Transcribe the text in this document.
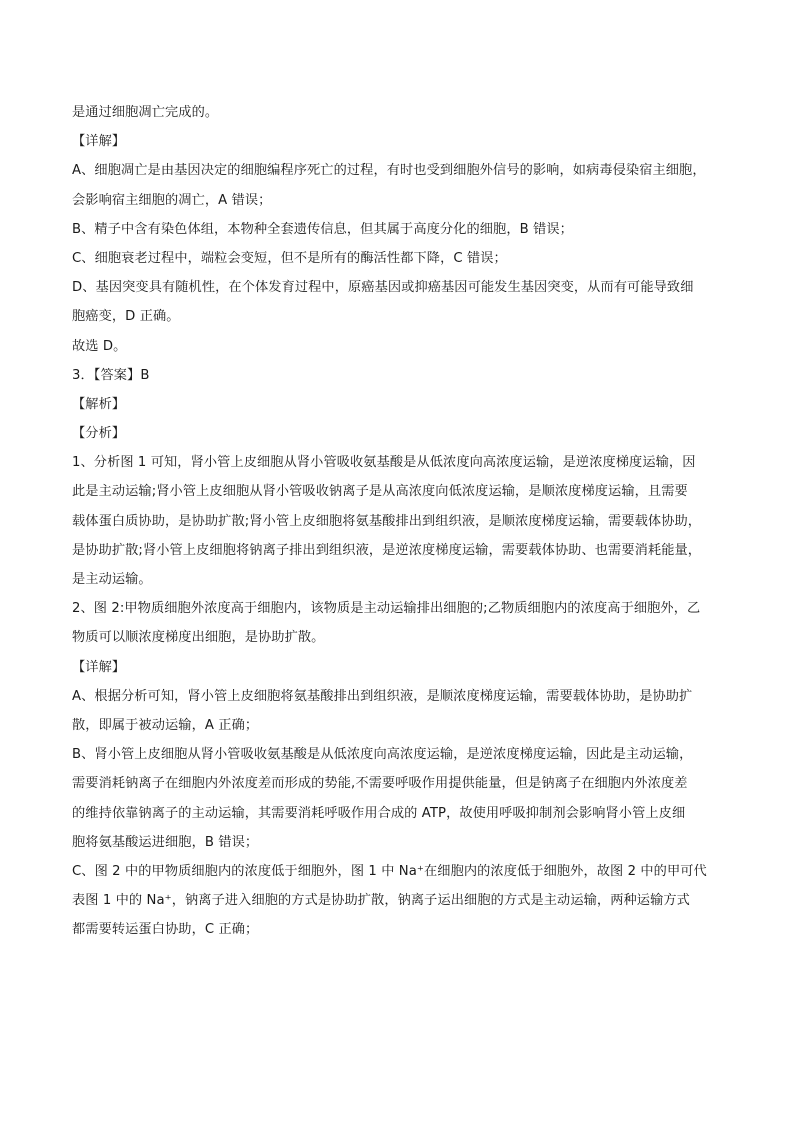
是通过细胞凋亡完成的。
【详解】
A、细胞凋亡是由基因决定的细胞编程序死亡的过程，有时也受到细胞外信号的影响，如病毒侵染宿主细胞，
会影响宿主细胞的凋亡，A 错误；
B、精子中含有染色体组，本物种全套遗传信息，但其属于高度分化的细胞，B 错误；
C、细胞衰老过程中，端粒会变短，但不是所有的酶活性都下降，C 错误；
D、基因突变具有随机性，在个体发育过程中，原癌基因或抑癌基因可能发生基因突变，从而有可能导致细
胞癌变，D 正确。
故选 D。
3．【答案】B
【解析】
【分析】
1、分析图 1 可知，肾小管上皮细胞从肾小管吸收氨基酸是从低浓度向高浓度运输，是逆浓度梯度运输，因
此是主动运输;肾小管上皮细胞从肾小管吸收钠离子是从高浓度向低浓度运输，是顺浓度梯度运输，且需要
载体蛋白质协助，是协助扩散;肾小管上皮细胞将氨基酸排出到组织液，是顺浓度梯度运输，需要载体协助，
是协助扩散;肾小管上皮细胞将钠离子排出到组织液，是逆浓度梯度运输，需要载体协助、也需要消耗能量，
是主动运输。
2、图 2:甲物质细胞外浓度高于细胞内，该物质是主动运输排出细胞的;乙物质细胞内的浓度高于细胞外，乙
物质可以顺浓度梯度出细胞，是协助扩散。
【详解】
A、根据分析可知，肾小管上皮细胞将氨基酸排出到组织液，是顺浓度梯度运输，需要载体协助，是协助扩
散，即属于被动运输，A 正确；
B、肾小管上皮细胞从肾小管吸收氨基酸是从低浓度向高浓度运输，是逆浓度梯度运输，因此是主动运输，
需要消耗钠离子在细胞内外浓度差而形成的势能,不需要呼吸作用提供能量，但是钠离子在细胞内外浓度差
的维持依靠钠离子的主动运输，其需要消耗呼吸作用合成的 ATP，故使用呼吸抑制剂会影响肾小管上皮细
胞将氨基酸运进细胞，B 错误；
C、图 2 中的甲物质细胞内的浓度低于细胞外，图 1 中 Na⁺在细胞内的浓度低于细胞外，故图 2 中的甲可代
表图 1 中的 Na⁺，钠离子进入细胞的方式是协助扩散，钠离子运出细胞的方式是主动运输，两种运输方式
都需要转运蛋白协助，C 正确；
